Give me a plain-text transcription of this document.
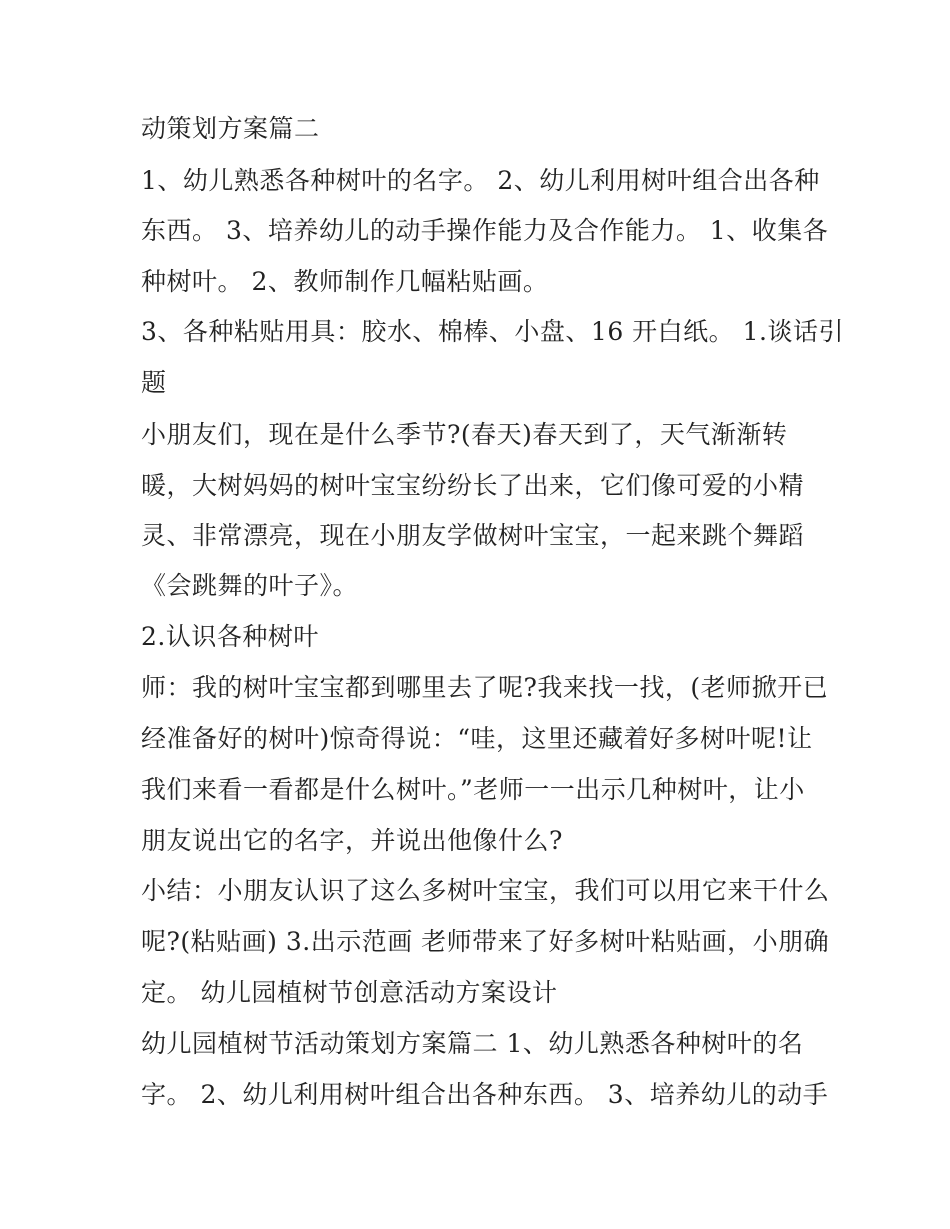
动策划方案篇二
1、幼儿熟悉各种树叶的名字。 2、幼儿利用树叶组合出各种
东西。 3、培养幼儿的动手操作能力及合作能力。 1、收集各
种树叶。 2、教师制作几幅粘贴画。
3、各种粘贴用具：胶水、棉棒、小盘、16 开白纸。 1.谈话引
题
小朋友们，现在是什么季节?(春天)春天到了，天气渐渐转
暖，大树妈妈的树叶宝宝纷纷长了出来，它们像可爱的小精
灵、非常漂亮，现在小朋友学做树叶宝宝，一起来跳个舞蹈
《会跳舞的叶子》。
2.认识各种树叶
师：我的树叶宝宝都到哪里去了呢?我来找一找，(老师掀开已
经准备好的树叶)惊奇得说：“哇，这里还藏着好多树叶呢!让
我们来看一看都是什么树叶。”老师一一出示几种树叶，让小
朋友说出它的名字，并说出他像什么?
小结：小朋友认识了这么多树叶宝宝，我们可以用它来干什么
呢?(粘贴画) 3.出示范画 老师带来了好多树叶粘贴画，小朋确
定。 幼儿园植树节创意活动方案设计
幼儿园植树节活动策划方案篇二 1、幼儿熟悉各种树叶的名
字。 2、幼儿利用树叶组合出各种东西。 3、培养幼儿的动手
